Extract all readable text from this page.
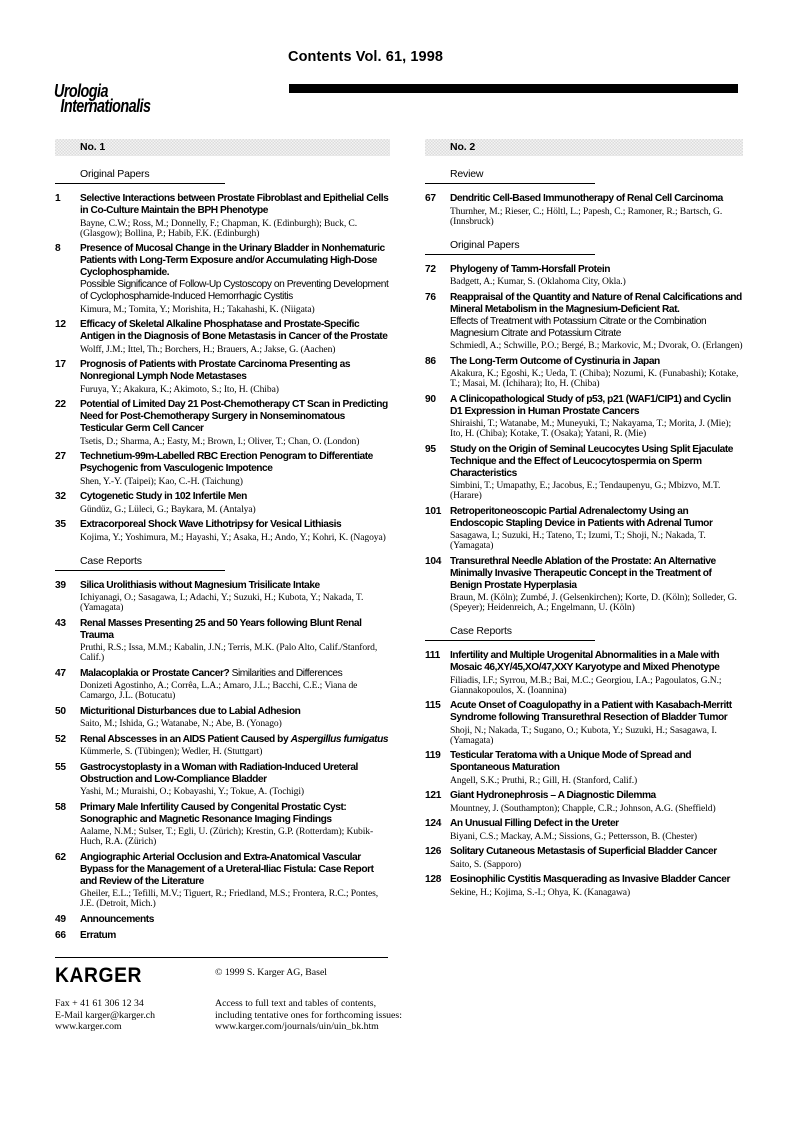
Contents Vol. 61, 1998
Urologia
Internationalis
No. 1
Original Papers
1	Selective Interactions between Prostate Fibroblast and Epithelial Cells in Co-Culture Maintain the BPH Phenotype
Bayne, C.W.; Ross, M.; Donnelly, F.; Chapman, K. (Edinburgh); Buck, C. (Glasgow); Bollina, P.; Habib, F.K. (Edinburgh)
8	Presence of Mucosal Change in the Urinary Bladder in Nonhematuric Patients with Long-Term Exposure and/or Accumulating High-Dose Cyclophosphamide.
Possible Significance of Follow-Up Cystoscopy on Preventing Development of Cyclophosphamide-Induced Hemorrhagic Cystitis
Kimura, M.; Tomita, Y.; Morishita, H.; Takahashi, K. (Niigata)
12	Efficacy of Skeletal Alkaline Phosphatase and Prostate-Specific Antigen in the Diagnosis of Bone Metastasis in Cancer of the Prostate
Wolff, J.M.; Ittel, Th.; Borchers, H.; Brauers, A.; Jakse, G. (Aachen)
17	Prognosis of Patients with Prostate Carcinoma Presenting as Nonregional Lymph Node Metastases
Furuya, Y.; Akakura, K.; Akimoto, S.; Ito, H. (Chiba)
22	Potential of Limited Day 21 Post-Chemotherapy CT Scan in Predicting Need for Post-Chemotherapy Surgery in Nonseminomatous Testicular Germ Cell Cancer
Tsetis, D.; Sharma, A.; Easty, M.; Brown, I.; Oliver, T.; Chan, O. (London)
27	Technetium-99m-Labelled RBC Erection Penogram to Differentiate Psychogenic from Vasculogenic Impotence
Shen, Y.-Y. (Taipei); Kao, C.-H. (Taichung)
32	Cytogenetic Study in 102 Infertile Men
Gündüz, G.; Lüleci, G.; Baykara, M. (Antalya)
35	Extracorporeal Shock Wave Lithotripsy for Vesical Lithiasis
Kojima, Y.; Yoshimura, M.; Hayashi, Y.; Asaka, H.; Ando, Y.; Kohri, K. (Nagoya)
Case Reports
39	Silica Urolithiasis without Magnesium Trisilicate Intake
Ichiyanagi, O.; Sasagawa, I.; Adachi, Y.; Suzuki, H.; Kubota, Y.; Nakada, T. (Yamagata)
43	Renal Masses Presenting 25 and 50 Years following Blunt Renal Trauma
Pruthi, R.S.; Issa, M.M.; Kabalin, J.N.; Terris, M.K. (Palo Alto, Calif./Stanford, Calif.)
47	Malacoplakia or Prostate Cancer? Similarities and Differences
Donizeti Agostinho, A.; Corrêa, L.A.; Amaro, J.L.; Bacchi, C.E.; Viana de Camargo, J.L. (Botucatu)
50	Micturitional Disturbances due to Labial Adhesion
Saito, M.; Ishida, G.; Watanabe, N.; Abe, B. (Yonago)
52	Renal Abscesses in an AIDS Patient Caused by Aspergillus fumigatus
Kümmerle, S. (Tübingen); Wedler, H. (Stuttgart)
55	Gastrocystoplasty in a Woman with Radiation-Induced Ureteral Obstruction and Low-Compliance Bladder
Yashi, M.; Muraishi, O.; Kobayashi, Y.; Tokue, A. (Tochigi)
58	Primary Male Infertility Caused by Congenital Prostatic Cyst: Sonographic and Magnetic Resonance Imaging Findings
Aalame, N.M.; Sulser, T.; Egli, U. (Zürich); Krestin, G.P. (Rotterdam); Kubik-Huch, R.A. (Zürich)
62	Angiographic Arterial Occlusion and Extra-Anatomical Vascular Bypass for the Management of a Ureteral-Iliac Fistula: Case Report and Review of the Literature
Gheiler, E.L.; Tefilli, M.V.; Tiguert, R.; Friedland, M.S.; Frontera, R.C.; Pontes, J.E. (Detroit, Mich.)
49	Announcements
66	Erratum
No. 2
Review
67	Dendritic Cell-Based Immunotherapy of Renal Cell Carcinoma
Thurnher, M.; Rieser, C.; Höltl, L.; Papesh, C.; Ramoner, R.; Bartsch, G. (Innsbruck)
Original Papers
72	Phylogeny of Tamm-Horsfall Protein
Badgett, A.; Kumar, S. (Oklahoma City, Okla.)
76	Reappraisal of the Quantity and Nature of Renal Calcifications and Mineral Metabolism in the Magnesium-Deficient Rat.
Effects of Treatment with Potassium Citrate or the Combination Magnesium Citrate and Potassium Citrate
Schmiedl, A.; Schwille, P.O.; Bergé, B.; Markovic, M.; Dvorak, O. (Erlangen)
86	The Long-Term Outcome of Cystinuria in Japan
Akakura, K.; Egoshi, K.; Ueda, T. (Chiba); Nozumi, K. (Funabashi); Kotake, T.; Masai, M. (Ichihara); Ito, H. (Chiba)
90	A Clinicopathological Study of p53, p21 (WAF1/CIP1) and Cyclin D1 Expression in Human Prostate Cancers
Shiraishi, T.; Watanabe, M.; Muneyuki, T.; Nakayama, T.; Morita, J. (Mie); Ito, H. (Chiba); Kotake, T. (Osaka); Yatani, R. (Mie)
95	Study on the Origin of Seminal Leucocytes Using Split Ejaculate Technique and the Effect of Leucocytospermia on Sperm Characteristics
Simbini, T.; Umapathy, E.; Jacobus, E.; Tendaupenyu, G.; Mbizvo, M.T. (Harare)
101 Retroperitoneoscopic Partial Adrenalectomy Using an Endoscopic Stapling Device in Patients with Adrenal Tumor
Sasagawa, I.; Suzuki, H.; Tateno, T.; Izumi, T.; Shoji, N.; Nakada, T. (Yamagata)
104 Transurethral Needle Ablation of the Prostate: An Alternative Minimally Invasive Therapeutic Concept in the Treatment of Benign Prostate Hyperplasia
Braun, M. (Köln); Zumbé, J. (Gelsenkirchen); Korte, D. (Köln); Solleder, G. (Speyer); Heidenreich, A.; Engelmann, U. (Köln)
Case Reports
111 Infertility and Multiple Urogenital Abnormalities in a Male with Mosaic 46,XY/45,XO/47,XXY Karyotype and Mixed Phenotype
Filiadis, I.F.; Syrrou, M.B.; Bai, M.C.; Georgiou, I.A.; Pagoulatos, G.N.; Giannakopoulos, X. (Ioannina)
115 Acute Onset of Coagulopathy in a Patient with Kasabach-Merritt Syndrome following Transurethral Resection of Bladder Tumor
Shoji, N.; Nakada, T.; Sugano, O.; Kubota, Y.; Suzuki, H.; Sasagawa, I. (Yamagata)
119 Testicular Teratoma with a Unique Mode of Spread and Spontaneous Maturation
Angell, S.K.; Pruthi, R.; Gill, H. (Stanford, Calif.)
121 Giant Hydronephrosis – A Diagnostic Dilemma
Mountney, J. (Southampton); Chapple, C.R.; Johnson, A.G. (Sheffield)
124 An Unusual Filling Defect in the Ureter
Biyani, C.S.; Mackay, A.M.; Sissions, G.; Pettersson, B. (Chester)
126 Solitary Cutaneous Metastasis of Superficial Bladder Cancer
Saito, S. (Sapporo)
128 Eosinophilic Cystitis Masquerading as Invasive Bladder Cancer
Sekine, H.; Kojima, S.-I.; Ohya, K. (Kanagawa)
KARGER	© 1999 S. Karger AG, Basel
Fax + 41 61 306 12 34
E-Mail karger@karger.ch
www.karger.com
Access to full text and tables of contents,
including tentative ones for forthcoming issues:
www.karger.com/journals/uin/uin_bk.htm
